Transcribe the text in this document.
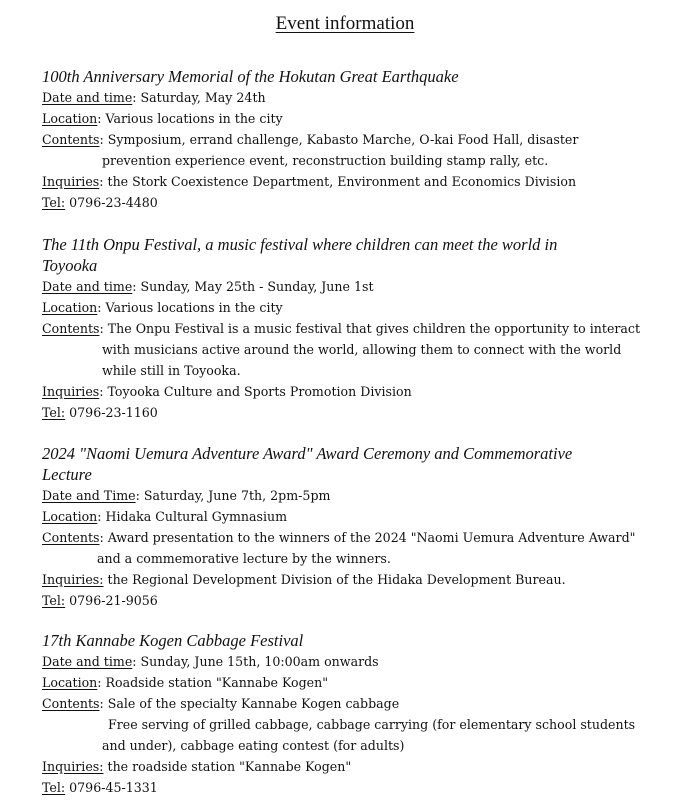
Event information
100th Anniversary Memorial of the Hokutan Great Earthquake
Date and time: Saturday, May 24th
Location: Various locations in the city
Contents: Symposium, errand challenge, Kabasto Marche, O-kai Food Hall, disaster
prevention experience event, reconstruction building stamp rally, etc.
Inquiries: the Stork Coexistence Department, Environment and Economics Division
Tel: 0796-23-4480
The 11th Onpu Festival, a music festival where children can meet the world in
Toyooka
Date and time: Sunday, May 25th - Sunday, June 1st
Location: Various locations in the city
Contents: The Onpu Festival is a music festival that gives children the opportunity to interact
with musicians active around the world, allowing them to connect with the world
while still in Toyooka.
Inquiries: Toyooka Culture and Sports Promotion Division
Tel: 0796-23-1160
2024 "Naomi Uemura Adventure Award" Award Ceremony and Commemorative
Lecture
Date and Time: Saturday, June 7th, 2pm-5pm
Location: Hidaka Cultural Gymnasium
Contents: Award presentation to the winners of the 2024 "Naomi Uemura Adventure Award"
and a commemorative lecture by the winners.
Inquiries: the Regional Development Division of the Hidaka Development Bureau.
Tel: 0796-21-9056
17th Kannabe Kogen Cabbage Festival
Date and time: Sunday, June 15th, 10:00am onwards
Location: Roadside station "Kannabe Kogen"
Contents: Sale of the specialty Kannabe Kogen cabbage
Free serving of grilled cabbage, cabbage carrying (for elementary school students
and under), cabbage eating contest (for adults)
Inquiries: the roadside station "Kannabe Kogen"
Tel: 0796-45-1331
